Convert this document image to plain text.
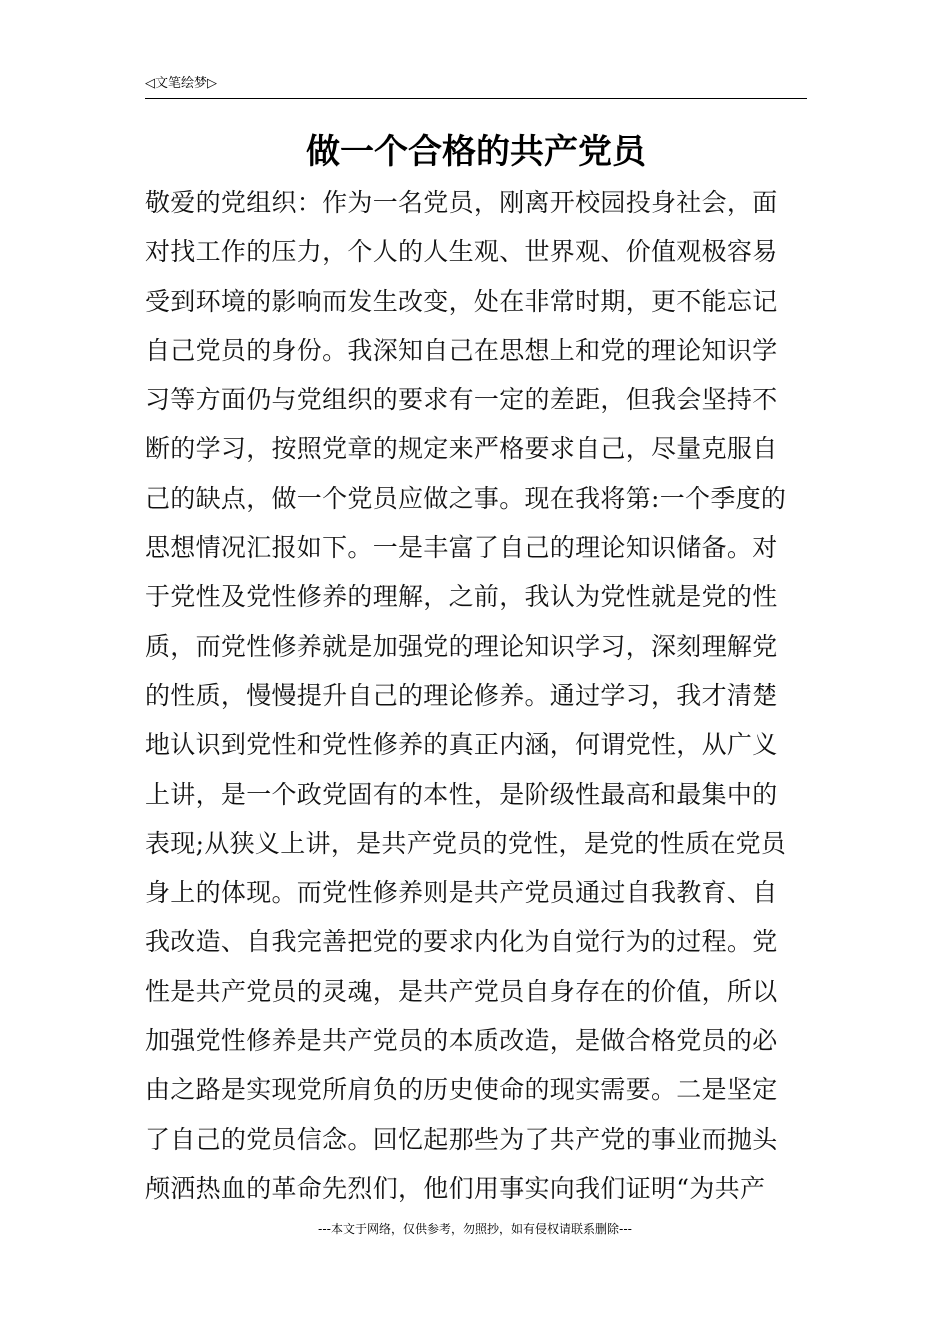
◁文笔绘梦▷
做一个合格的共产党员
敬爱的党组织：作为一名党员，刚离开校园投身社会，面
对找工作的压力，个人的人生观、世界观、价值观极容易
受到环境的影响而发生改变，处在非常时期，更不能忘记
自己党员的身份。我深知自己在思想上和党的理论知识学
习等方面仍与党组织的要求有一定的差距，但我会坚持不
断的学习，按照党章的规定来严格要求自己，尽量克服自
己的缺点，做一个党员应做之事。现在我将第:一个季度的
思想情况汇报如下。一是丰富了自己的理论知识储备。对
于党性及党性修养的理解，之前，我认为党性就是党的性
质，而党性修养就是加强党的理论知识学习，深刻理解党
的性质，慢慢提升自己的理论修养。通过学习，我才清楚
地认识到党性和党性修养的真正内涵，何谓党性，从广义
上讲，是一个政党固有的本性，是阶级性最高和最集中的
表现;从狭义上讲，是共产党员的党性，是党的性质在党员
身上的体现。而党性修养则是共产党员通过自我教育、自
我改造、自我完善把党的要求内化为自觉行为的过程。党
性是共产党员的灵魂，是共产党员自身存在的价值，所以
加强党性修养是共产党员的本质改造，是做合格党员的必
由之路是实现党所肩负的历史使命的现实需要。二是坚定
了自己的党员信念。回忆起那些为了共产党的事业而抛头
颅洒热血的革命先烈们，他们用事实向我们证明“为共产
---本文于网络，仅供参考，勿照抄，如有侵权请联系删除---
